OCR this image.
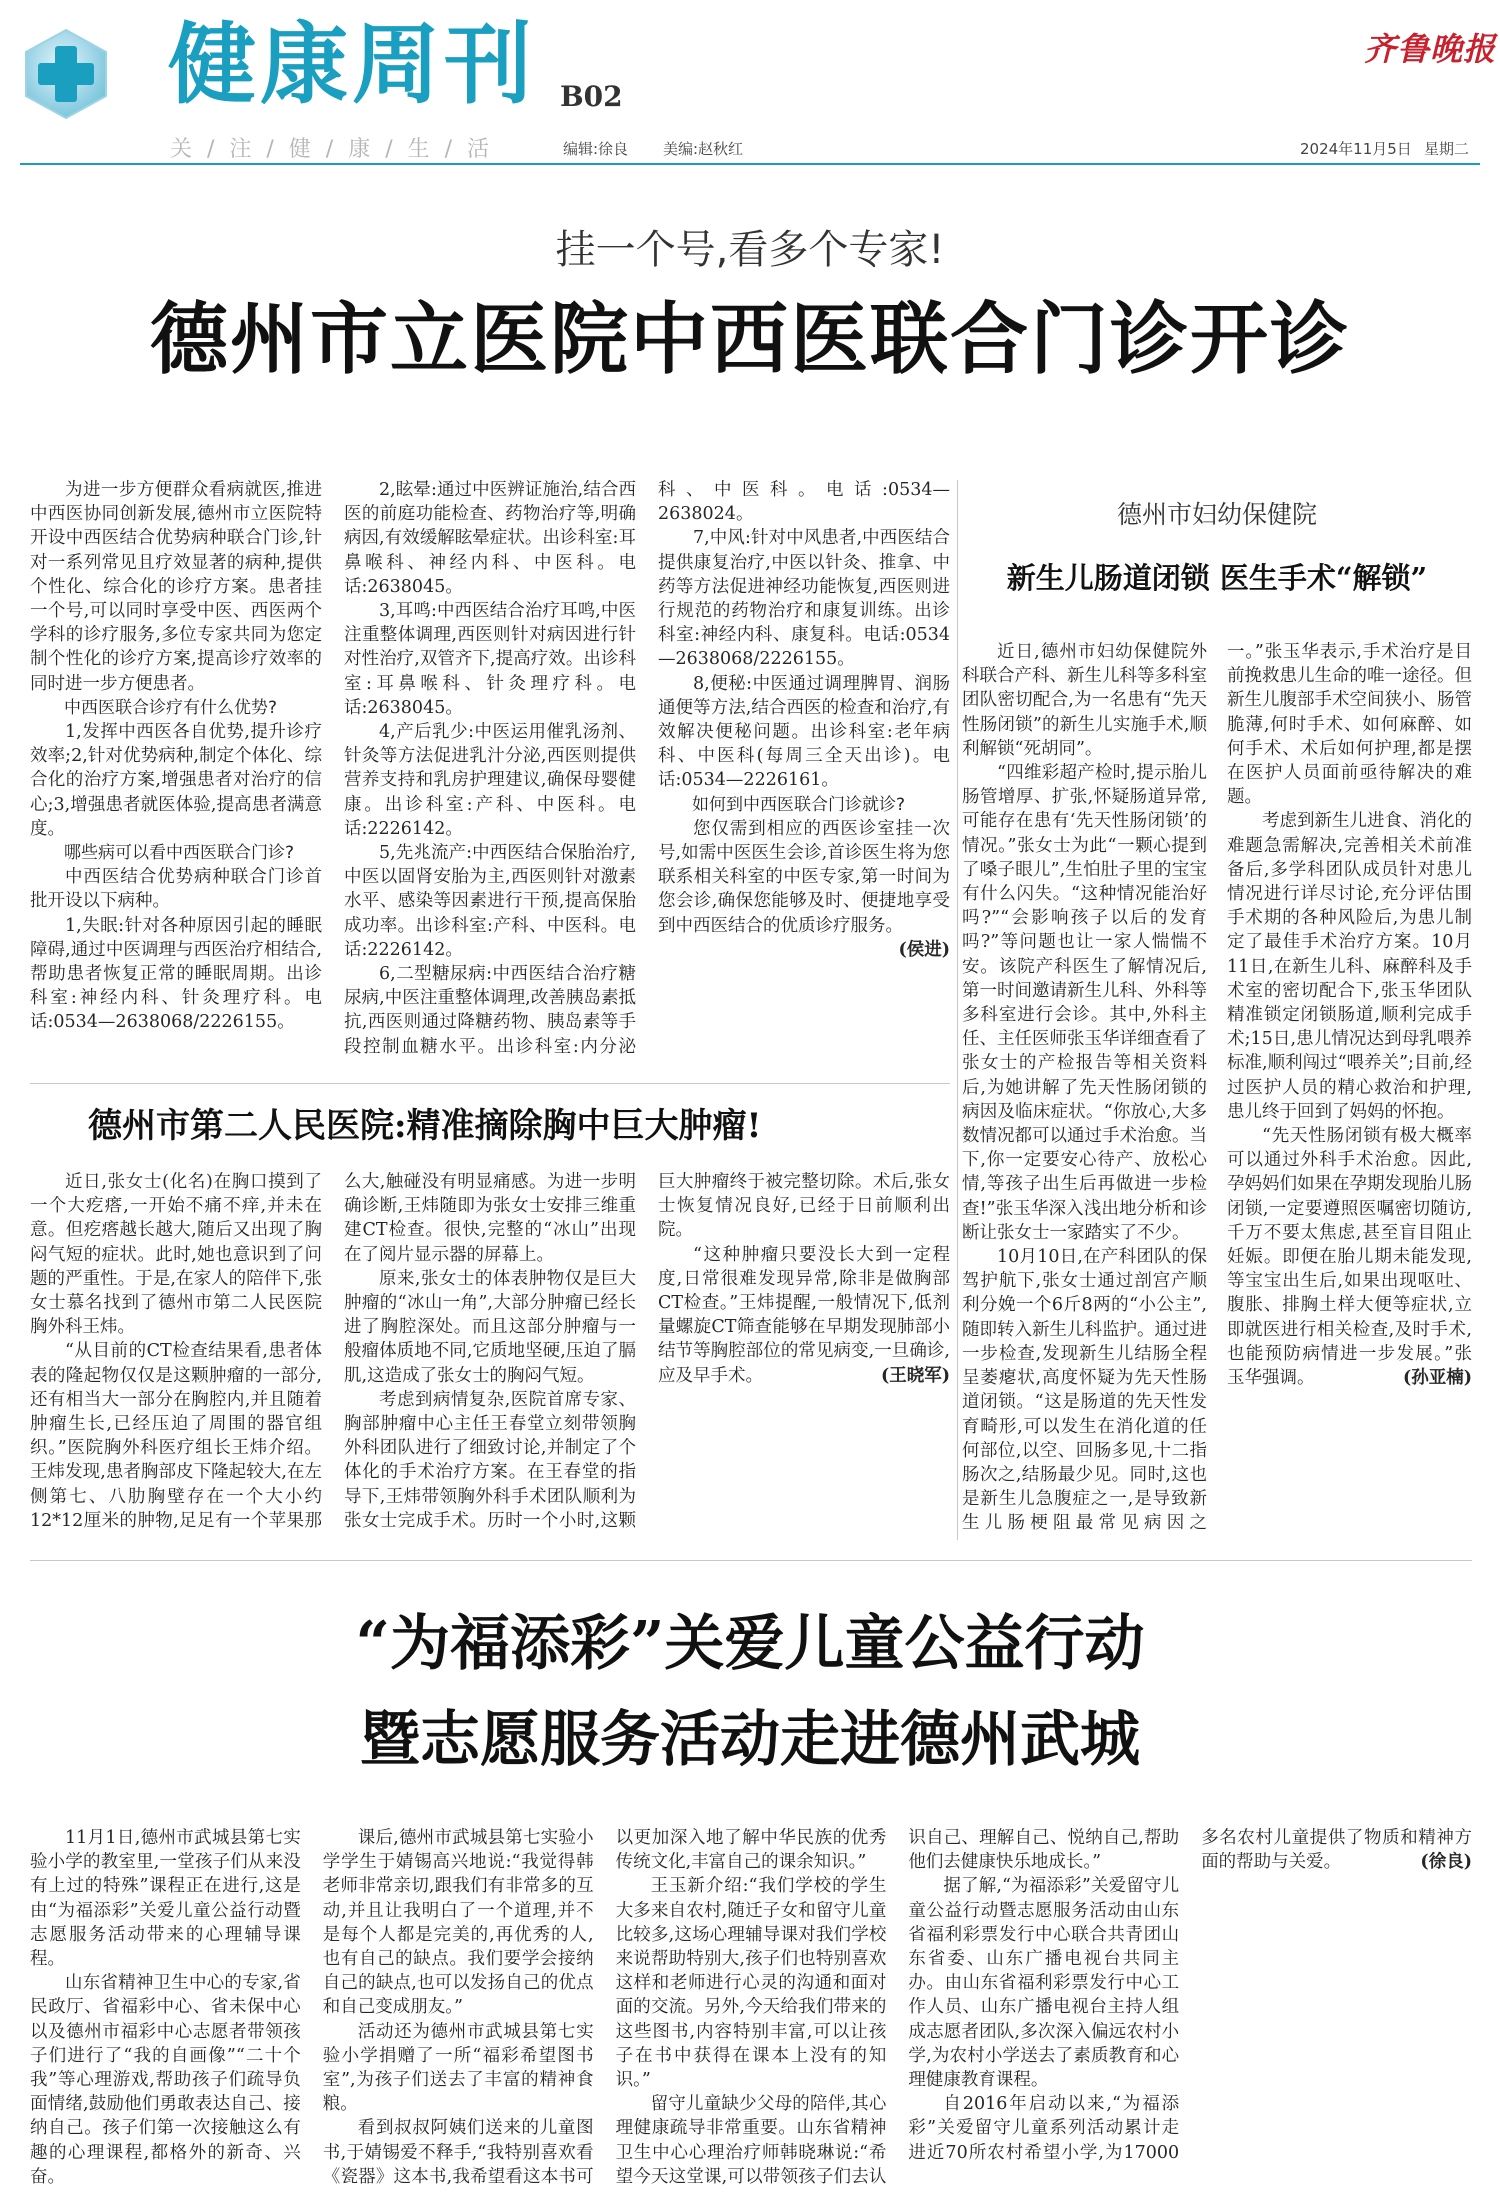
健康周刊 B02
关 / 注 / 健 / 康 / 生 / 活	编辑:徐良 美编:赵秋红
齐鲁晚报
2024年11月5日 星期二
挂一个号,看多个专家!
德州市立医院中西医联合门诊开诊

为进一步方便群众看病就医,推进中西医协同创新发展,德州市立医院特开设中西医结合优势病种联合门诊,针对一系列常见且疗效显著的病种,提供个性化、综合化的诊疗方案。患者挂一个号,可以同时享受中医、西医两个学科的诊疗服务,多位专家共同为您定制个性化的诊疗方案,提高诊疗效率的同时进一步方便患者。

中西医联合诊疗有什么优势?

1,发挥中西医各自优势,提升诊疗效率;2,针对优势病种,制定个体化、综合化的治疗方案,增强患者对治疗的信心;3,增强患者就医体验,提高患者满意度。

哪些病可以看中西医联合门诊?

中西医结合优势病种联合门诊首批开设以下病种。

1,失眠:针对各种原因引起的睡眠障碍,通过中医调理与西医治疗相结合,帮助患者恢复正常的睡眠周期。出诊科室:神经内科、针灸理疗科。电话:0534—2638068/2226155。

2,眩晕:通过中医辨证施治,结合西医的前庭功能检查、药物治疗等,明确病因,有效缓解眩晕症状。出诊科室:耳鼻喉科、神经内科、中医科。电话:2638045。

3,耳鸣:中西医结合治疗耳鸣,中医注重整体调理,西医则针对病因进行针对性治疗,双管齐下,提高疗效。出诊科室:耳鼻喉科、针灸理疗科。电话:2638045。

4,产后乳少:中医运用催乳汤剂、针灸等方法促进乳汁分泌,西医则提供营养支持和乳房护理建议,确保母婴健康。出诊科室:产科、中医科。电话:2226142。

5,先兆流产:中西医结合保胎治疗,中医以固肾安胎为主,西医则针对激素水平、感染等因素进行干预,提高保胎成功率。出诊科室:产科、中医科。电话:2226142。

6,二型糖尿病:中西医结合治疗糖尿病,中医注重整体调理,改善胰岛素抵抗,西医则通过降糖药物、胰岛素等手段控制血糖水平。出诊科室:内分泌科、中医科。电话:0534—2638024。

7,中风:针对中风患者,中西医结合提供康复治疗,中医以针灸、推拿、中药等方法促进神经功能恢复,西医则进行规范的药物治疗和康复训练。出诊科室:神经内科、康复科。电话:0534—2638068/2226155。

8,便秘:中医通过调理脾胃、润肠通便等方法,结合西医的检查和治疗,有效解决便秘问题。出诊科室:老年病科、中医科(每周三全天出诊)。电话:0534—2226161。

如何到中西医联合门诊就诊?

您仅需到相应的西医诊室挂一次号,如需中医医生会诊,首诊医生将为您联系相关科室的中医专家,第一时间为您会诊,确保您能够及时、便捷地享受到中西医结合的优质诊疗服务。
(侯进)

德州市第二人民医院:精准摘除胸中巨大肿瘤!

近日,张女士(化名)在胸口摸到了一个大疙瘩,一开始不痛不痒,并未在意。但疙瘩越长越大,随后又出现了胸闷气短的症状。此时,她也意识到了问题的严重性。于是,在家人的陪伴下,张女士慕名找到了德州市第二人民医院胸外科王炜。

“从目前的CT检查结果看,患者体表的隆起物仅仅是这颗肿瘤的一部分,还有相当大一部分在胸腔内,并且随着肿瘤生长,已经压迫了周围的器官组织。”医院胸外科医疗组长王炜介绍。王炜发现,患者胸部皮下隆起较大,在左侧第七、八肋胸壁存在一个大小约12*12厘米的肿物,足足有一个苹果那么大,触碰没有明显痛感。为进一步明确诊断,王炜随即为张女士安排三维重建CT检查。很快,完整的“冰山”出现在了阅片显示器的屏幕上。

原来,张女士的体表肿物仅是巨大肿瘤的“冰山一角”,大部分肿瘤已经长进了胸腔深处。而且这部分肿瘤与一般瘤体质地不同,它质地坚硬,压迫了膈肌,这造成了张女士的胸闷气短。

考虑到病情复杂,医院首席专家、胸部肿瘤中心主任王春堂立刻带领胸外科团队进行了细致讨论,并制定了个体化的手术治疗方案。在王春堂的指导下,王炜带领胸外科手术团队顺利为张女士完成手术。历时一个小时,这颗巨大肿瘤终于被完整切除。术后,张女士恢复情况良好,已经于日前顺利出院。

“这种肿瘤只要没长大到一定程度,日常很难发现异常,除非是做胸部CT检查。”王炜提醒,一般情况下,低剂量螺旋CT筛查能够在早期发现肺部小结节等胸腔部位的常见病变,一旦确诊,应及早手术。	(王晓军)

德州市妇幼保健院
新生儿肠道闭锁 医生手术“解锁”

近日,德州市妇幼保健院外科联合产科、新生儿科等多科室团队密切配合,为一名患有“先天性肠闭锁”的新生儿实施手术,顺利解锁“死胡同”。

“四维彩超产检时,提示胎儿肠管增厚、扩张,怀疑肠道异常,可能存在患有‘先天性肠闭锁’的情况。”张女士为此“一颗心提到了嗓子眼儿”,生怕肚子里的宝宝有什么闪失。“这种情况能治好吗?”“会影响孩子以后的发育吗?”等问题也让一家人惴惴不安。该院产科医生了解情况后,第一时间邀请新生儿科、外科等多科室进行会诊。其中,外科主任、主任医师张玉华详细查看了张女士的产检报告等相关资料后,为她讲解了先天性肠闭锁的病因及临床症状。“你放心,大多数情况都可以通过手术治愈。当下,你一定要安心待产、放松心情,等孩子出生后再做进一步检查!”张玉华深入浅出地分析和诊断让张女士一家踏实了不少。

10月10日,在产科团队的保驾护航下,张女士通过剖宫产顺利分娩一个6斤8两的“小公主”,随即转入新生儿科监护。通过进一步检查,发现新生儿结肠全程呈萎瘪状,高度怀疑为先天性肠道闭锁。“这是肠道的先天性发育畸形,可以发生在消化道的任何部位,以空、回肠多见,十二指肠次之,结肠最少见。同时,这也是新生儿急腹症之一,是导致新生儿肠梗阻最常见病因之一。”张玉华表示,手术治疗是目前挽救患儿生命的唯一途径。但新生儿腹部手术空间狭小、肠管脆薄,何时手术、如何麻醉、如何手术、术后如何护理,都是摆在医护人员面前亟待解决的难题。

考虑到新生儿进食、消化的难题急需解决,完善相关术前准备后,多学科团队成员针对患儿情况进行详尽讨论,充分评估围手术期的各种风险后,为患儿制定了最佳手术治疗方案。10月11日,在新生儿科、麻醉科及手术室的密切配合下,张玉华团队精准锁定闭锁肠道,顺利完成手术;15日,患儿情况达到母乳喂养标准,顺利闯过“喂养关”;目前,经过医护人员的精心救治和护理,患儿终于回到了妈妈的怀抱。

“先天性肠闭锁有极大概率可以通过外科手术治愈。因此,孕妈妈们如果在孕期发现胎儿肠闭锁,一定要遵照医嘱密切随访,千万不要太焦虑,甚至盲目阻止妊娠。即便在胎儿期未能发现,等宝宝出生后,如果出现呕吐、腹胀、排胸土样大便等症状,立即就医进行相关检查,及时手术,也能预防病情进一步发展。”张玉华强调。	(孙亚楠)

“为福添彩”关爱儿童公益行动
暨志愿服务活动走进德州武城

11月1日,德州市武城县第七实验小学的教室里,一堂孩子们从来没有上过的特殊”课程正在进行,这是由“为福添彩”关爱儿童公益行动暨志愿服务活动带来的心理辅导课程。

山东省精神卫生中心的专家,省民政厅、省福彩中心、省未保中心以及德州市福彩中心志愿者带领孩子们进行了“我的自画像”“二十个我”等心理游戏,帮助孩子们疏导负面情绪,鼓励他们勇敢表达自己、接纳自己。孩子们第一次接触这么有趣的心理课程,都格外的新奇、兴奋。

课后,德州市武城县第七实验小学学生于婧锡高兴地说:“我觉得韩老师非常亲切,跟我们有非常多的互动,并且让我明白了一个道理,并不是每个人都是完美的,再优秀的人,也有自己的缺点。我们要学会接纳自己的缺点,也可以发扬自己的优点和自己变成朋友。”

活动还为德州市武城县第七实验小学捐赠了一所“福彩希望图书室”,为孩子们送去了丰富的精神食粮。

看到叔叔阿姨们送来的儿童图书,于婧锡爱不释手,“我特别喜欢看《瓷器》这本书,我希望看这本书可以更加深入地了解中华民族的优秀传统文化,丰富自己的课余知识。”

王玉新介绍:“我们学校的学生大多来自农村,随迁子女和留守儿童比较多,这场心理辅导课对我们学校来说帮助特别大,孩子们也特别喜欢这样和老师进行心灵的沟通和面对面的交流。另外,今天给我们带来的这些图书,内容特别丰富,可以让孩子在书中获得在课本上没有的知识。”

留守儿童缺少父母的陪伴,其心理健康疏导非常重要。山东省精神卫生中心心理治疗师韩晓琳说:“希望今天这堂课,可以带领孩子们去认识自己、理解自己、悦纳自己,帮助他们去健康快乐地成长。”

据了解,“为福添彩”关爱留守儿童公益行动暨志愿服务活动由山东省福利彩票发行中心联合共青团山东省委、山东广播电视台共同主办。由山东省福利彩票发行中心工作人员、山东广播电视台主持人组成志愿者团队,多次深入偏远农村小学,为农村小学送去了素质教育和心理健康教育课程。

自2016年启动以来,“为福添彩”关爱留守儿童系列活动累计走进近70所农村希望小学,为17000多名农村儿童提供了物质和精神方面的帮助与关爱。	(徐良)
